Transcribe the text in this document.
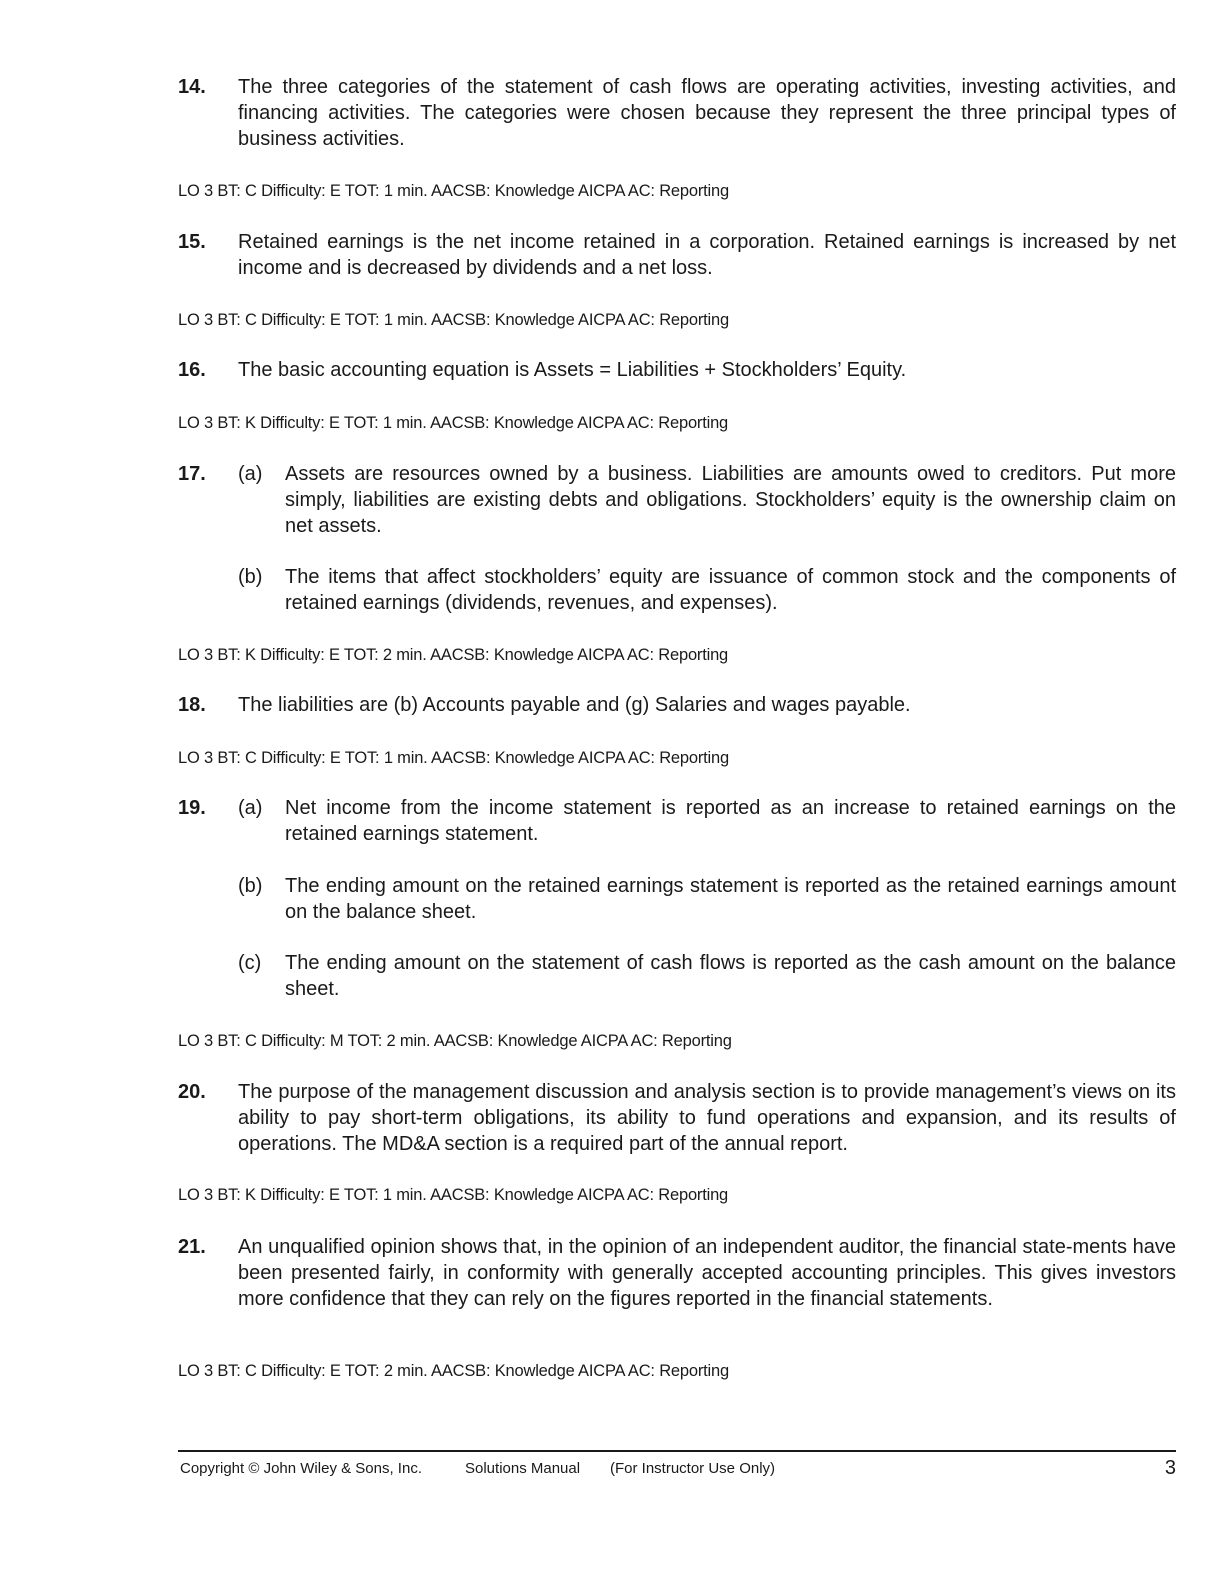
14. The three categories of the statement of cash flows are operating activities, investing activities, and financing activities. The categories were chosen because they represent the three principal types of business activities.

LO 3 BT: C Difficulty: E TOT: 1 min. AACSB: Knowledge AICPA AC: Reporting
15. Retained earnings is the net income retained in a corporation. Retained earnings is increased by net income and is decreased by dividends and a net loss.

LO 3 BT: C Difficulty: E TOT: 1 min. AACSB: Knowledge AICPA AC: Reporting
16. The basic accounting equation is Assets = Liabilities + Stockholders’ Equity.

LO 3 BT: K Difficulty: E TOT: 1 min. AACSB: Knowledge AICPA AC: Reporting
17. (a) Assets are resources owned by a business. Liabilities are amounts owed to creditors. Put more simply, liabilities are existing debts and obligations. Stockholders’ equity is the ownership claim on net assets.

(b) The items that affect stockholders’ equity are issuance of common stock and the components of retained earnings (dividends, revenues, and expenses).

LO 3 BT: K Difficulty: E TOT: 2 min. AACSB: Knowledge AICPA AC: Reporting
18. The liabilities are (b) Accounts payable and (g) Salaries and wages payable.

LO 3 BT: C Difficulty: E TOT: 1 min. AACSB: Knowledge AICPA AC: Reporting
19. (a) Net income from the income statement is reported as an increase to retained earnings on the retained earnings statement.

(b) The ending amount on the retained earnings statement is reported as the retained earnings amount on the balance sheet.

(c) The ending amount on the statement of cash flows is reported as the cash amount on the balance sheet.

LO 3 BT: C Difficulty: M TOT: 2 min. AACSB: Knowledge AICPA AC: Reporting
20. The purpose of the management discussion and analysis section is to provide management’s views on its ability to pay short-term obligations, its ability to fund operations and expansion, and its results of operations. The MD&A section is a required part of the annual report.

LO 3 BT: K Difficulty: E TOT: 1 min. AACSB: Knowledge AICPA AC: Reporting
21. An unqualified opinion shows that, in the opinion of an independent auditor, the financial state-ments have been presented fairly, in conformity with generally accepted accounting principles. This gives investors more confidence that they can rely on the figures reported in the financial statements.

LO 3 BT: C Difficulty: E TOT: 2 min. AACSB: Knowledge AICPA AC: Reporting
Copyright © John Wiley & Sons, Inc.	Solutions Manual (For Instructor Use Only)	3
